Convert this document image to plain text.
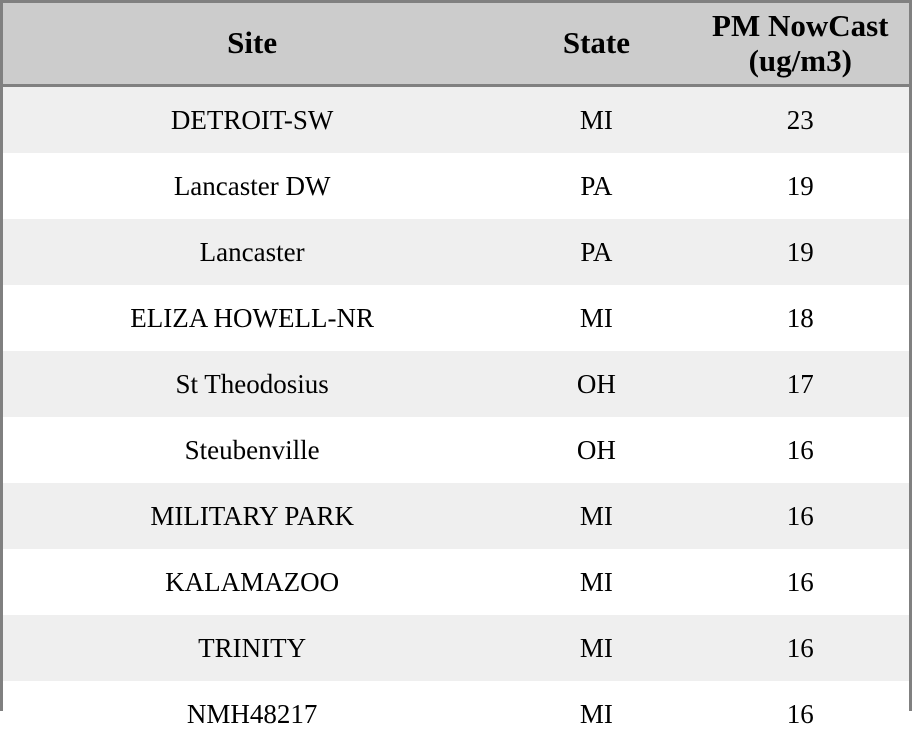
Site	State	PM NowCast (ug/m3)
DETROIT-SW	MI	23
Lancaster DW	PA	19
Lancaster	PA	19
ELIZA HOWELL-NR	MI	18
St Theodosius	OH	17
Steubenville	OH	16
MILITARY PARK	MI	16
KALAMAZOO	MI	16
TRINITY	MI	16
NMH48217	MI	16
